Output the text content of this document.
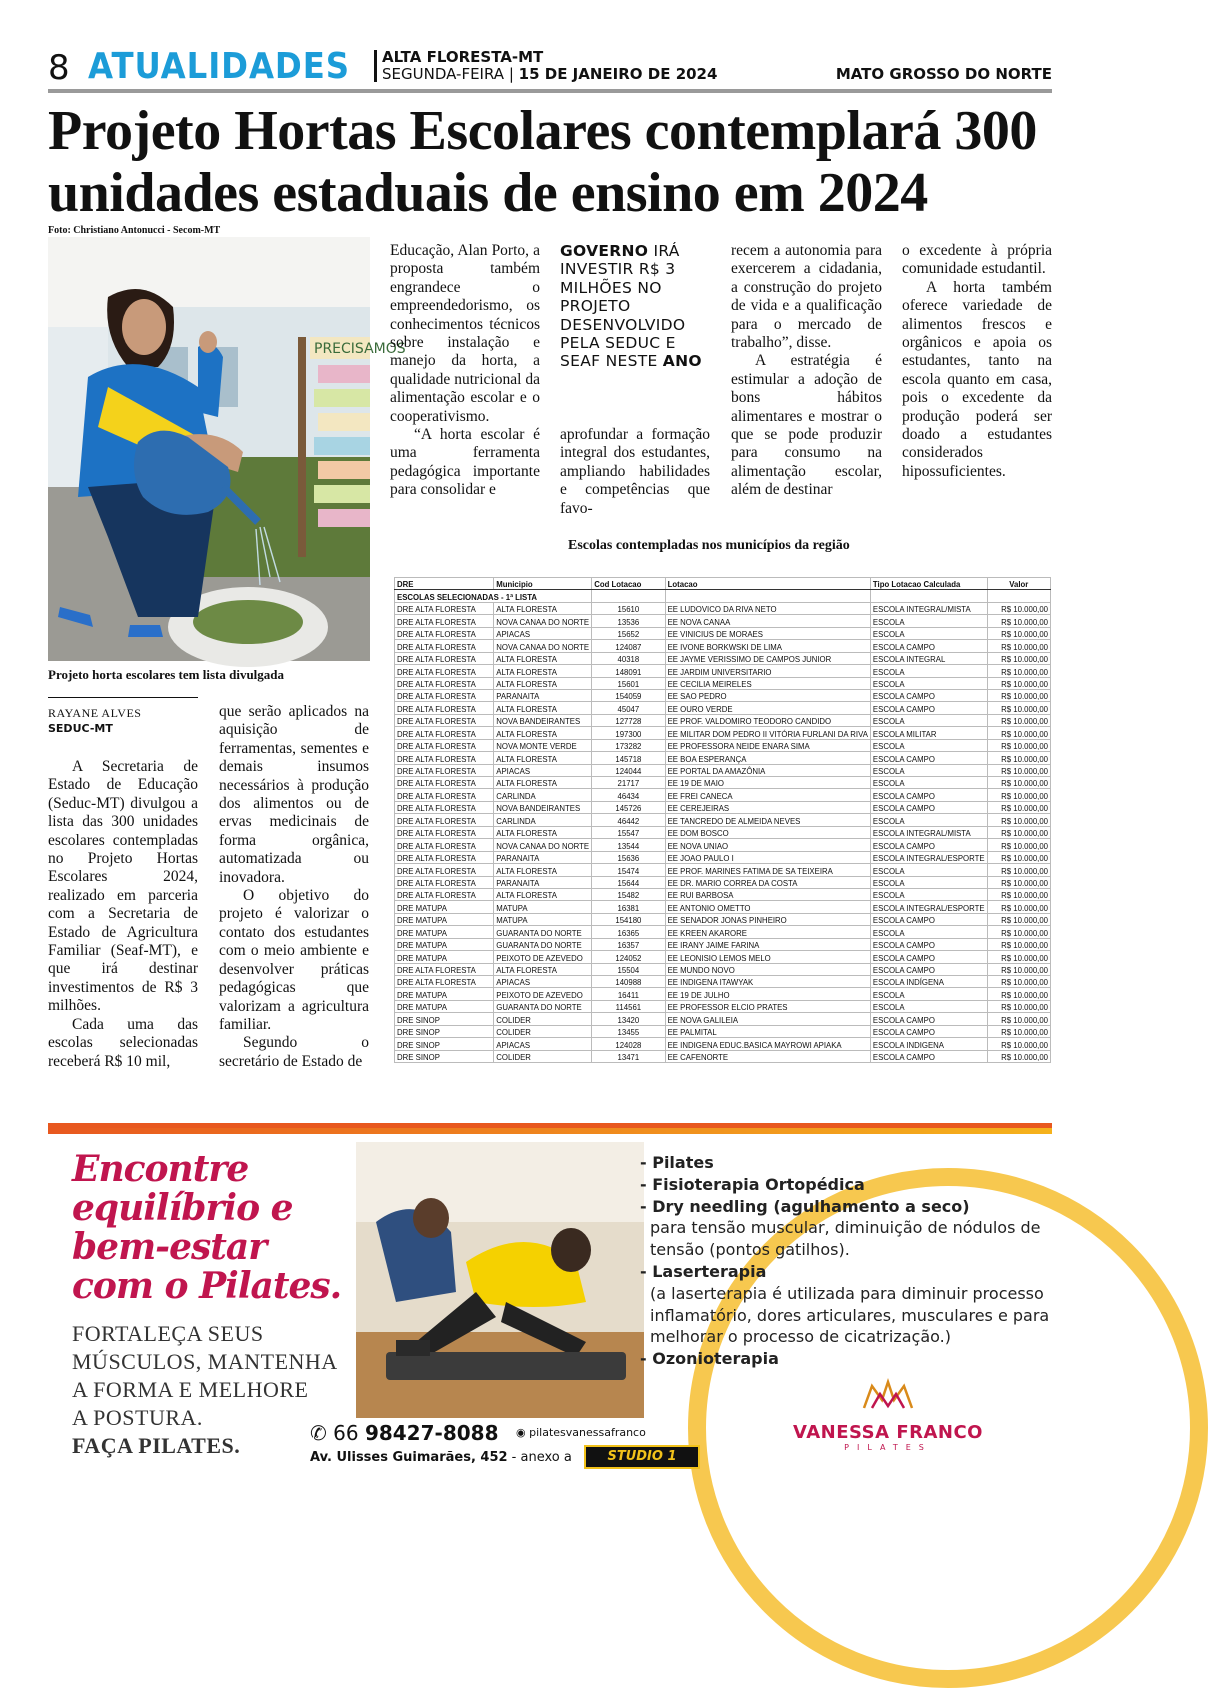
8 ATUALIDADES ALTA FLORESTA-MT
SEGUNDA-FEIRA | 15 DE JANEIRO DE 2024	MATO GROSSO DO NORTE
Projeto Hortas Escolares contemplará 300 unidades estaduais de ensino em 2024
Foto: Christiano Antonucci - Secom-MT
PRECISAMOS
Projeto horta escolares tem lista divulgada
RAYANE ALVES
SEDUC-MT

A Secretaria de Estado de Educação (Seduc-MT) divulgou a lista das 300 unidades escolares contempladas no Projeto Hortas Escolares 2024, realizado em parceria com a Secretaria de Estado de Agricultura Familiar (Seaf-MT), e que irá destinar investimentos de R$ 3 milhões.

Cada uma das escolas selecionadas receberá R$ 10 mil,

que serão aplicados na aquisição de ferramentas, sementes e demais insumos necessários à produção dos alimentos ou de ervas medicinais de forma orgânica, automatizada ou inovadora.

O objetivo do projeto é valorizar o contato dos estudantes com o meio ambiente e desenvolver práticas pedagógicas que valorizam a agricultura familiar.

Segundo o secretário de Estado de

Educação, Alan Porto, a proposta também engrandece o empreendedorismo, os conhecimentos técnicos sobre instalação e manejo da horta, a qualidade nutricional da alimentação escolar e o cooperativismo.

“A horta escolar é uma ferramenta pedagógica importante para consolidar e

GOVERNO IRÁ INVESTIR R$ 3 MILHÕES NO PROJETO DESENVOLVIDO PELA SEDUC E SEAF NESTE ANO

aprofundar a formação integral dos estudantes, ampliando habilidades e competências que favo-

recem a autonomia para exercerem a cidadania, a construção do projeto de vida e a qualificação para o mercado de trabalho”, disse.

A estratégia é estimular a adoção de bons hábitos alimentares e mostrar o que se pode produzir para consumo na alimentação escolar, além de destinar

o excedente à própria comunidade estudantil.

A horta também oferece variedade de alimentos frescos e orgânicos e apoia os estudantes, tanto na escola quanto em casa, pois o excedente da produção poderá ser doado a estudantes considerados hipossuficientes.

Escolas contempladas nos municípios da região
DRE	Municipio	Cod Lotacao	Lotacao	Tipo Lotacao Calculada	Valor
ESCOLAS SELECIONADAS - 1ª LISTA					
DRE ALTA FLORESTA	ALTA FLORESTA	15610	EE LUDOVICO DA RIVA NETO	ESCOLA INTEGRAL/MISTA	R$ 10.000,00
DRE ALTA FLORESTA	NOVA CANAA DO NORTE	13536	EE NOVA CANAA	ESCOLA	R$ 10.000,00
DRE ALTA FLORESTA	APIACAS	15652	EE VINICIUS DE MORAES	ESCOLA	R$ 10.000,00
DRE ALTA FLORESTA	NOVA CANAA DO NORTE	124087	EE IVONE BORKWSKI DE LIMA	ESCOLA CAMPO	R$ 10.000,00
DRE ALTA FLORESTA	ALTA FLORESTA	40318	EE JAYME VERISSIMO DE CAMPOS JUNIOR	ESCOLA INTEGRAL	R$ 10.000,00
DRE ALTA FLORESTA	ALTA FLORESTA	148091	EE JARDIM UNIVERSITARIO	ESCOLA	R$ 10.000,00
DRE ALTA FLORESTA	ALTA FLORESTA	15601	EE CECILIA MEIRELES	ESCOLA	R$ 10.000,00
DRE ALTA FLORESTA	PARANAITA	154059	EE SAO PEDRO	ESCOLA CAMPO	R$ 10.000,00
DRE ALTA FLORESTA	ALTA FLORESTA	45047	EE OURO VERDE	ESCOLA CAMPO	R$ 10.000,00
DRE ALTA FLORESTA	NOVA BANDEIRANTES	127728	EE PROF. VALDOMIRO TEODORO CANDIDO	ESCOLA	R$ 10.000,00
DRE ALTA FLORESTA	ALTA FLORESTA	197300	EE MILITAR DOM PEDRO II VITÓRIA FURLANI DA RIVA	ESCOLA MILITAR	R$ 10.000,00
DRE ALTA FLORESTA	NOVA MONTE VERDE	173282	EE PROFESSORA NEIDE ENARA SIMA	ESCOLA	R$ 10.000,00
DRE ALTA FLORESTA	ALTA FLORESTA	145718	EE BOA ESPERANÇA	ESCOLA CAMPO	R$ 10.000,00
DRE ALTA FLORESTA	APIACAS	124044	EE PORTAL DA AMAZÔNIA	ESCOLA	R$ 10.000,00
DRE ALTA FLORESTA	ALTA FLORESTA	21717	EE 19 DE MAIO	ESCOLA	R$ 10.000,00
DRE ALTA FLORESTA	CARLINDA	46434	EE FREI CANECA	ESCOLA CAMPO	R$ 10.000,00
DRE ALTA FLORESTA	NOVA BANDEIRANTES	145726	EE CEREJEIRAS	ESCOLA CAMPO	R$ 10.000,00
DRE ALTA FLORESTA	CARLINDA	46442	EE TANCREDO DE ALMEIDA NEVES	ESCOLA	R$ 10.000,00
DRE ALTA FLORESTA	ALTA FLORESTA	15547	EE DOM BOSCO	ESCOLA INTEGRAL/MISTA	R$ 10.000,00
DRE ALTA FLORESTA	NOVA CANAA DO NORTE	13544	EE NOVA UNIAO	ESCOLA CAMPO	R$ 10.000,00
DRE ALTA FLORESTA	PARANAITA	15636	EE JOAO PAULO I	ESCOLA INTEGRAL/ESPORTE	R$ 10.000,00
DRE ALTA FLORESTA	ALTA FLORESTA	15474	EE PROF. MARINES FATIMA DE SA TEIXEIRA	ESCOLA	R$ 10.000,00
DRE ALTA FLORESTA	PARANAITA	15644	EE DR. MARIO CORREA DA COSTA	ESCOLA	R$ 10.000,00
DRE ALTA FLORESTA	ALTA FLORESTA	15482	EE RUI BARBOSA	ESCOLA	R$ 10.000,00
DRE MATUPA	MATUPA	16381	EE ANTONIO OMETTO	ESCOLA INTEGRAL/ESPORTE	R$ 10.000,00
DRE MATUPA	MATUPA	154180	EE SENADOR JONAS PINHEIRO	ESCOLA CAMPO	R$ 10.000,00
DRE MATUPA	GUARANTA DO NORTE	16365	EE KREEN AKARORE	ESCOLA	R$ 10.000,00
DRE MATUPA	GUARANTA DO NORTE	16357	EE IRANY JAIME FARINA	ESCOLA CAMPO	R$ 10.000,00
DRE MATUPA	PEIXOTO DE AZEVEDO	124052	EE LEONISIO LEMOS MELO	ESCOLA CAMPO	R$ 10.000,00
DRE ALTA FLORESTA	ALTA FLORESTA	15504	EE MUNDO NOVO	ESCOLA CAMPO	R$ 10.000,00
DRE ALTA FLORESTA	APIACAS	140988	EE INDIGENA ITAWYAK	ESCOLA INDÍGENA	R$ 10.000,00
DRE MATUPA	PEIXOTO DE AZEVEDO	16411	EE 19 DE JULHO	ESCOLA	R$ 10.000,00
DRE MATUPA	GUARANTA DO NORTE	114561	EE PROFESSOR ELCIO PRATES	ESCOLA	R$ 10.000,00
DRE SINOP	COLIDER	13420	EE NOVA GALILEIA	ESCOLA CAMPO	R$ 10.000,00
DRE SINOP	COLIDER	13455	EE PALMITAL	ESCOLA CAMPO	R$ 10.000,00
DRE SINOP	APIACAS	124028	EE INDIGENA EDUC.BASICA MAYROWI APIAKA	ESCOLA INDIGENA	R$ 10.000,00
DRE SINOP	COLIDER	13471	EE CAFENORTE	ESCOLA CAMPO	R$ 10.000,00
Encontre
equilíbrio e
bem-estar
com o Pilates.
FORTALEÇA SEUS
MÚSCULOS, MANTENHA
A FORMA E MELHORE
A POSTURA.
FAÇA PILATES.
- Pilates
- Fisioterapia Ortopédica
- Dry needling (agulhamento a seco)
para tensão muscular, diminuição de nódulos de tensão (pontos gatilhos).
- Laserterapia
(a laserterapia é utilizada para diminuir processo inflamatório, dores articulares, musculares e para melhorar o processo de cicatrização.)
- Ozonioterapia
VANESSA FRANCO
PILATES
✆ 66 98427-8088 ◉ pilatesvanessafranco
Av. Ulisses Guimarães, 452 - anexo a	STUDIO 1
